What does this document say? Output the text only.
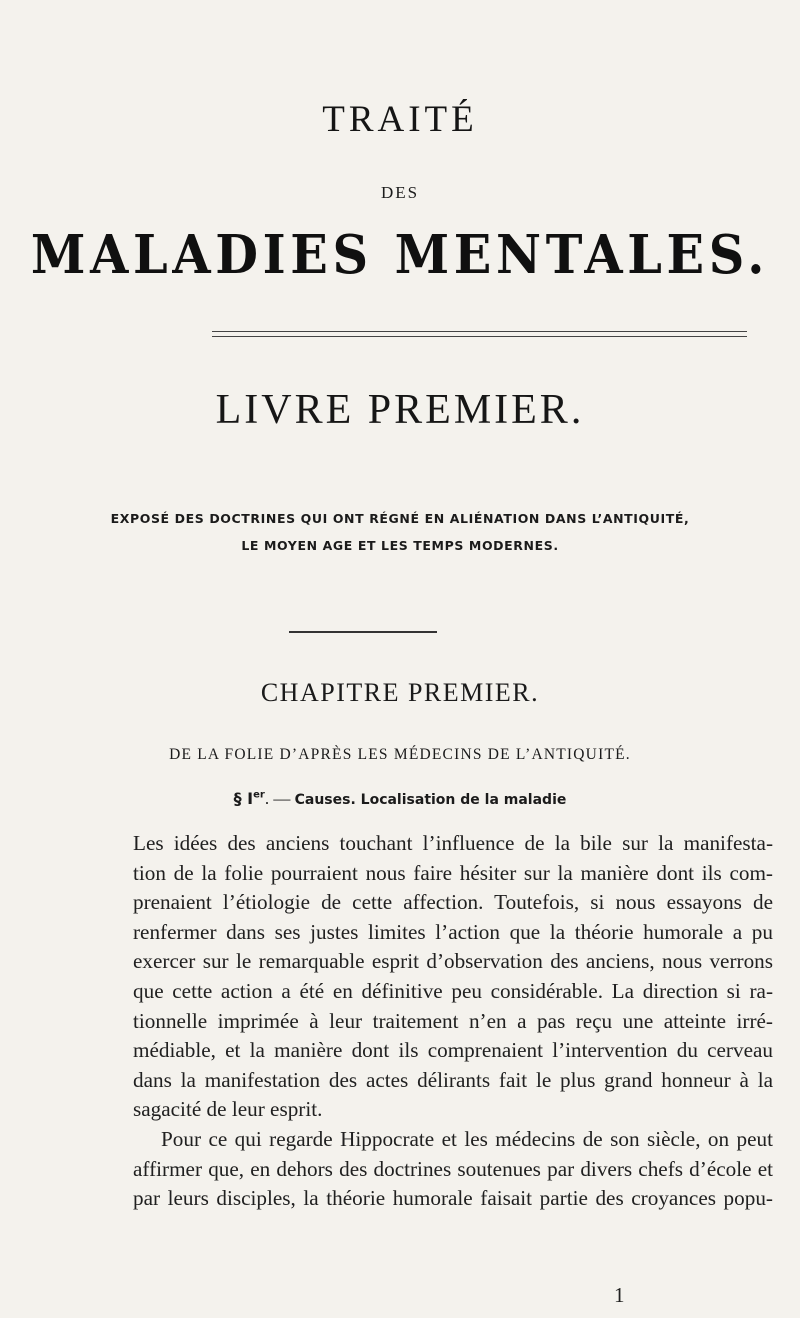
TRAITÉ
DES
MALADIES MENTALES.
LIVRE PREMIER.
EXPOSÉ DES DOCTRINES QUI ONT RÉGNÉ EN ALIÉNATION DANS L’ANTIQUITÉ,
LE MOYEN AGE ET LES TEMPS MODERNES.
CHAPITRE PREMIER.
DE LA FOLIE D’APRÈS LES MÉDECINS DE L’ANTIQUITÉ.
§ Ier. — Causes. Localisation de la maladie
Les idées des anciens touchant l’influence de la bile sur la manifesta-
tion de la folie pourraient nous faire hésiter sur la manière dont ils com-
prenaient l’étiologie de cette affection. Toutefois, si nous essayons de
renfermer dans ses justes limites l’action que la théorie humorale a pu
exercer sur le remarquable esprit d’observation des anciens, nous verrons
que cette action a été en définitive peu considérable. La direction si ra-
tionnelle imprimée à leur traitement n’en a pas reçu une atteinte irré-
médiable, et la manière dont ils comprenaient l’intervention du cerveau
dans la manifestation des actes délirants fait le plus grand honneur à la
sagacité de leur esprit.
Pour ce qui regarde Hippocrate et les médecins de son siècle, on peut
affirmer que, en dehors des doctrines soutenues par divers chefs d’école et
par leurs disciples, la théorie humorale faisait partie des croyances popu-
1
